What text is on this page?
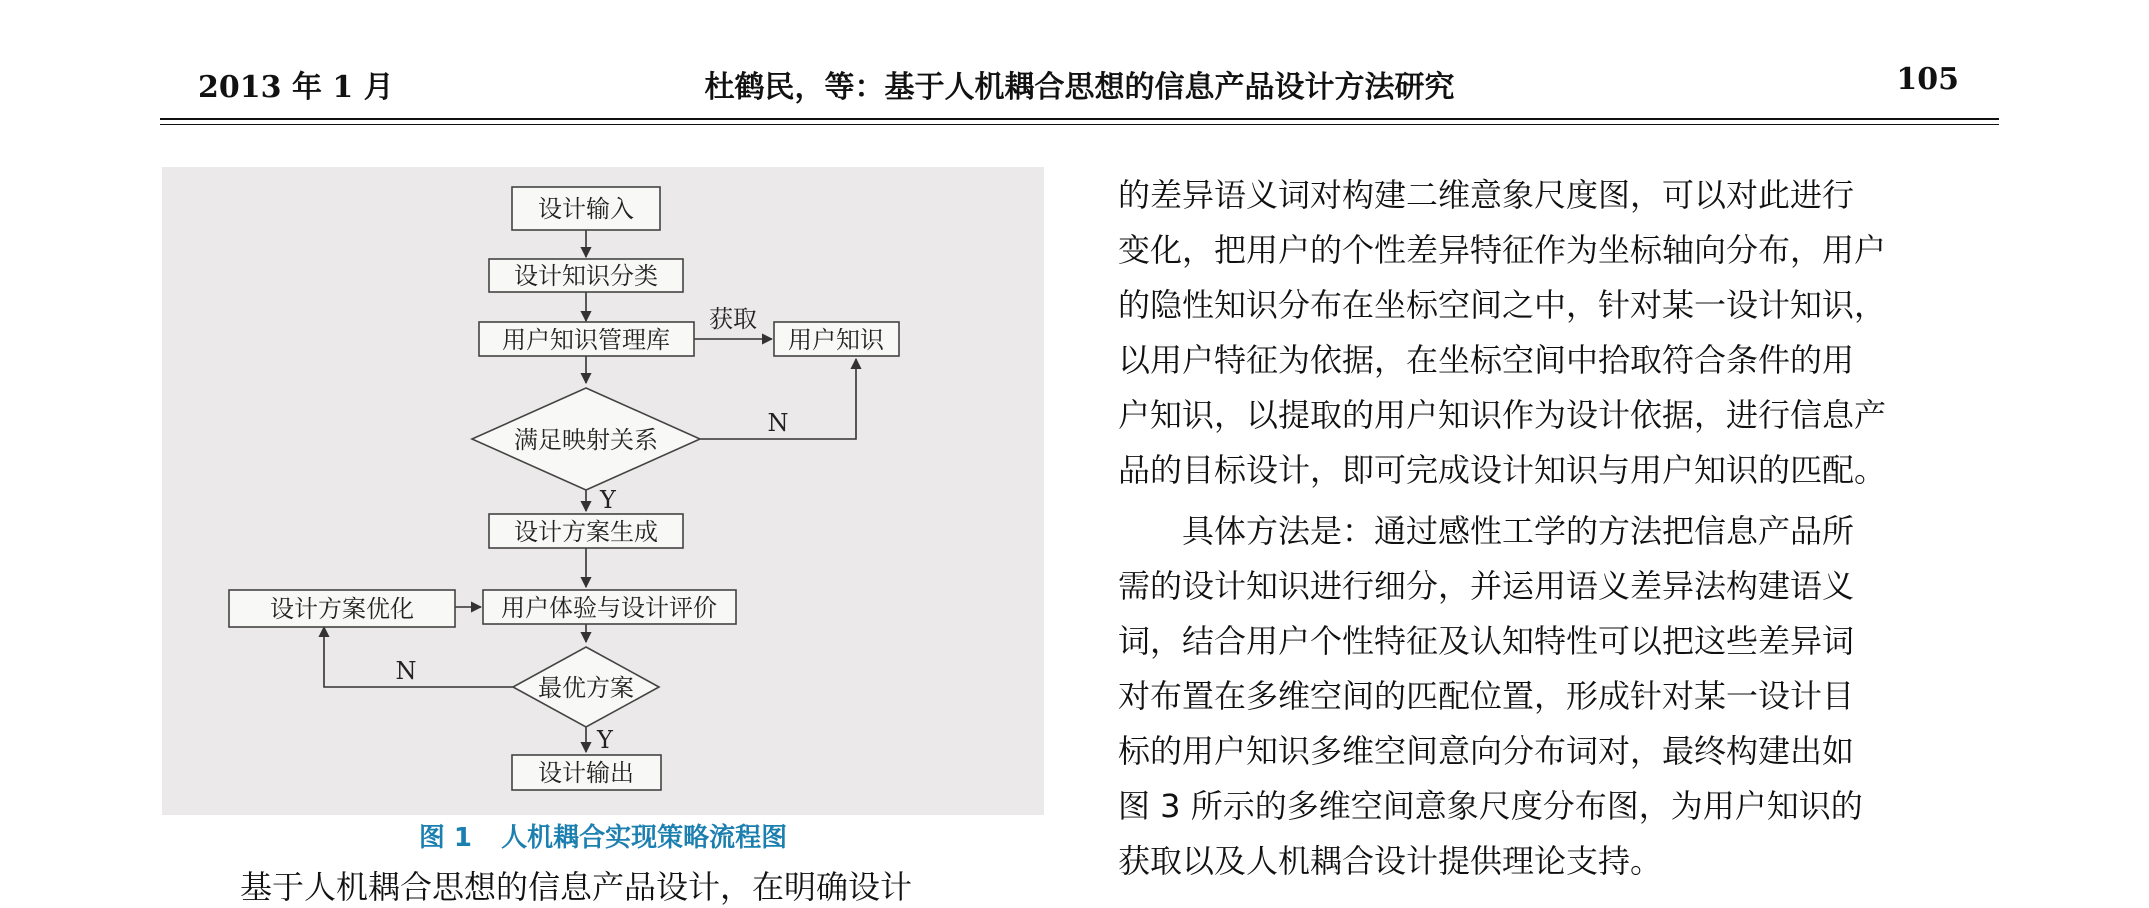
2013 年 1 月	杜鹤民，等：基于人机耦合思想的信息产品设计方法研究	105
设计输入
设计知识分类
用户知识管理库	用户知识
满足映射关系
设计方案生成
用户体验与设计评价
设计方案优化
最优方案
设计输出
获取
N
Y
N
Y
图 1 人机耦合实现策略流程图
基于人机耦合思想的信息产品设计，在明确设计

的差异语义词对构建二维意象尺度图，可以对此进行

变化，把用户的个性差异特征作为坐标轴向分布，用户

的隐性知识分布在坐标空间之中，针对某一设计知识，

以用户特征为依据，在坐标空间中拾取符合条件的用

户知识，以提取的用户知识作为设计依据，进行信息产

品的目标设计，即可完成设计知识与用户知识的匹配。

具体方法是：通过感性工学的方法把信息产品所

需的设计知识进行细分，并运用语义差异法构建语义

词，结合用户个性特征及认知特性可以把这些差异词

对布置在多维空间的匹配位置，形成针对某一设计目

标的用户知识多维空间意向分布词对，最终构建出如

图 3 所示的多维空间意象尺度分布图，为用户知识的

获取以及人机耦合设计提供理论支持。
